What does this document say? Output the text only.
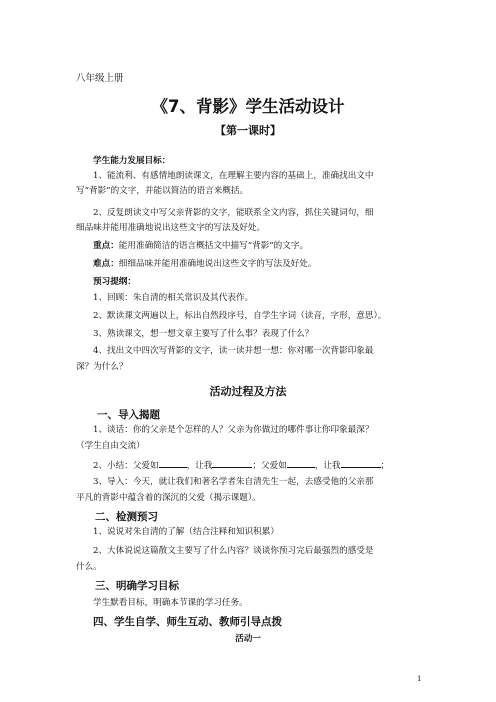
八年级上册
《7、背影》学生活动设计
【第一课时】
学生能力发展目标：
1、能流利、有感情地朗读课文，在理解主要内容的基础上，准确找出文中
写“背影”的文字，并能以简洁的语言来概括。
2、反复朗读文中写父亲背影的文字，能联系全文内容，抓住关键词句，细
细品味并能用准确地说出这些文字的写法及好处。
重点：能用准确简洁的语言概括文中描写“背影”的文字。
难点：细细品味并能用准确地说出这些文字的写法及好处。
预习提纲：
1、回顾：朱自清的相关常识及其代表作。
2、默读课文两遍以上，标出自然段序号，自学生字词（读音，字形，意思）。
3、熟读课文，想一想文章主要写了什么事？表现了什么？
4、找出文中四次写背影的文字，读一读并想一想：你对哪一次背影印象最
深？为什么？
活动过程及方法
一、导入揭题
1、谈话：你的父亲是个怎样的人？父亲为你做过的哪件事让你印象最深？
（学生自由交流）
2、小结：父爱如	，让我	；父爱如	，让我	；
3、导入：今天，就让我们和著名学者朱自清先生一起，去感受他的父亲那
平凡的背影中蕴含着的深沉的父爱（揭示课题）。
二、检测预习
1、说说对朱自清的了解（结合注释和知识积累）
2、大体说说这篇散文主要写了什么内容？谈谈你预习完后最强烈的感受是
什么。
三、明确学习目标
学生默看目标，明确本节课的学习任务。
四、学生自学、师生互动、教师引导点拨
活动一
1
